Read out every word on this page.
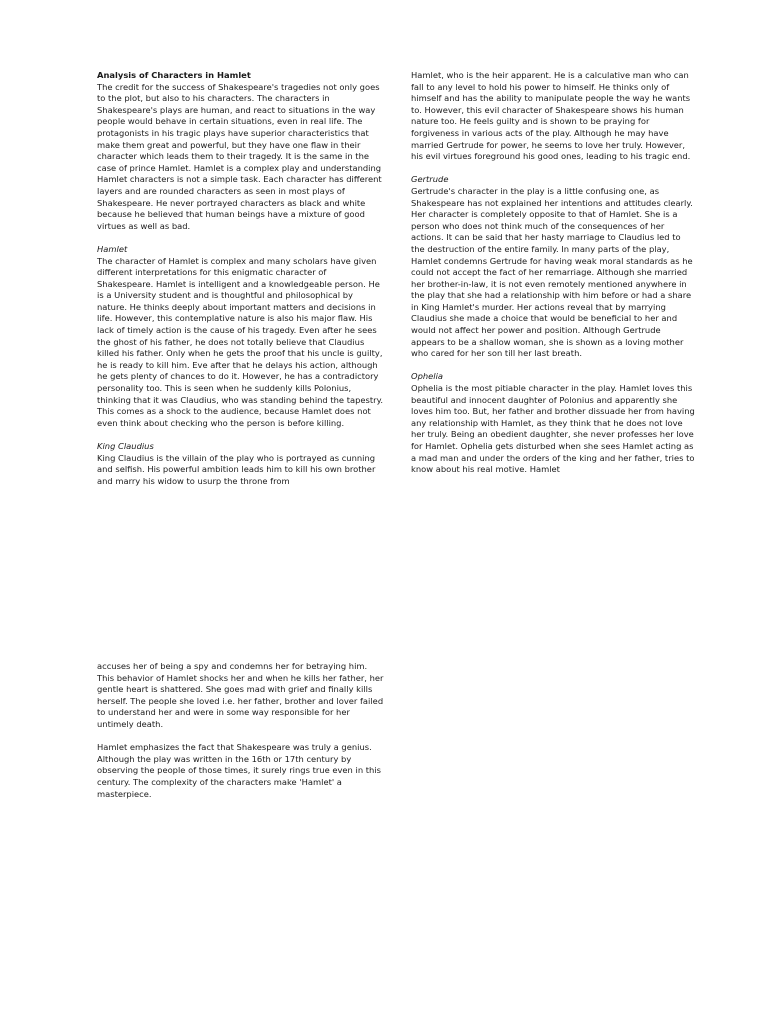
Analysis of Characters in Hamlet

The credit for the success of Shakespeare's tragedies not only goes to the plot, but also to his characters. The characters in Shakespeare's plays are human, and react to situations in the way people would behave in certain situations, even in real life. The protagonists in his tragic plays have superior characteristics that make them great and powerful, but they have one flaw in their character which leads them to their tragedy. It is the same in the case of prince Hamlet. Hamlet is a complex play and understanding Hamlet characters is not a simple task. Each character has different layers and are rounded characters as seen in most plays of Shakespeare. He never portrayed characters as black and white because he believed that human beings have a mixture of good virtues as well as bad.

Hamlet

The character of Hamlet is complex and many scholars have given different interpretations for this enigmatic character of Shakespeare. Hamlet is intelligent and a knowledgeable person. He is a University student and is thoughtful and philosophical by nature. He thinks deeply about important matters and decisions in life. However, this contemplative nature is also his major flaw. His lack of timely action is the cause of his tragedy. Even after he sees the ghost of his father, he does not totally believe that Claudius killed his father. Only when he gets the proof that his uncle is guilty, he is ready to kill him. Eve after that he delays his action, although he gets plenty of chances to do it. However, he has a contradictory personality too. This is seen when he suddenly kills Polonius, thinking that it was Claudius, who was standing behind the tapestry. This comes as a shock to the audience, because Hamlet does not even think about checking who the person is before killing.

King Claudius

King Claudius is the villain of the play who is portrayed as cunning and selfish. His powerful ambition leads him to kill his own brother and marry his widow to usurp the throne from

Hamlet, who is the heir apparent. He is a calculative man who can fall to any level to hold his power to himself. He thinks only of himself and has the ability to manipulate people the way he wants to. However, this evil character of Shakespeare shows his human nature too. He feels guilty and is shown to be praying for forgiveness in various acts of the play. Although he may have married Gertrude for power, he seems to love her truly. However, his evil virtues foreground his good ones, leading to his tragic end.

Gertrude

Gertrude's character in the play is a little confusing one, as Shakespeare has not explained her intentions and attitudes clearly. Her character is completely opposite to that of Hamlet. She is a person who does not think much of the consequences of her actions. It can be said that her hasty marriage to Claudius led to the destruction of the entire family. In many parts of the play, Hamlet condemns Gertrude for having weak moral standards as he could not accept the fact of her remarriage. Although she married her brother-in-law, it is not even remotely mentioned anywhere in the play that she had a relationship with him before or had a share in King Hamlet's murder. Her actions reveal that by marrying Claudius she made a choice that would be beneficial to her and would not affect her power and position. Although Gertrude appears to be a shallow woman, she is shown as a loving mother who cared for her son till her last breath.

Ophelia

Ophelia is the most pitiable character in the play. Hamlet loves this beautiful and innocent daughter of Polonius and apparently she loves him too. But, her father and brother dissuade her from having any relationship with Hamlet, as they think that he does not love her truly. Being an obedient daughter, she never professes her love for Hamlet. Ophelia gets disturbed when she sees Hamlet acting as a mad man and under the orders of the king and her father, tries to know about his real motive. Hamlet

accuses her of being a spy and condemns her for betraying him. This behavior of Hamlet shocks her and when he kills her father, her gentle heart is shattered. She goes mad with grief and finally kills herself. The people she loved i.e. her father, brother and lover failed to understand her and were in some way responsible for her untimely death.

Hamlet emphasizes the fact that Shakespeare was truly a genius. Although the play was written in the 16th or 17th century by observing the people of those times, it surely rings true even in this century. The complexity of the characters make 'Hamlet' a masterpiece.
